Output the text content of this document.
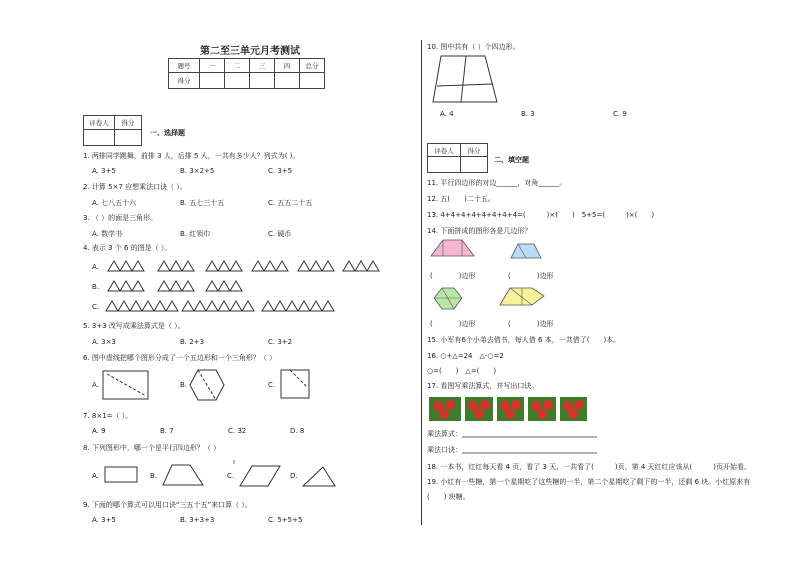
第二至三单元月考测试
题号	一	二	三	四	总分
得分					
评卷人	得分

一、选择题
1. 两排同学跳舞，前排 3 人，后排 5 人，一共有多少人？列式为( )。
A. 3+5	B. 3×2+5	C. 3+5
2. 计算 5×7 应想乘法口诀（ ）。
A. 七八五十六	B. 五七三十五	C. 五五二十五
3. （ ）的面是三角形。
A. 数学书	B. 红领巾	C. 硬币
4. 表示 3 个 6 的图是（ ）。
A.
B.
C.
5. 3+3 改写成乘法算式是（ ）。
A. 3×3	B. 2+3	C. 3+2
6. 图中虚线把哪个图形分成了一个五边形和一个三角形？（ ）
A.	B.	C.
7. 8×1=（ ）。
A. 9	B. 7	C. 32	D. 8
8. 下列图形中，哪一个是平行四边形？（ ）
A.	B.	C.	D.
9. 下面的哪个算式可以用口诀“三五十五”来口算（ ）。
A. 3+5	B. 3+3+3	C. 5+5+5
10. 图中共有（ ）个四边形。
A. 4	B. 3	C. 9
评卷人	得分

二、填空题
11. 平行四边形的对边______，对角______。
12. 五(　　)二十五。
13. 4+4+4+4+4+4+4+4=(　　　)×(　　)　5+5=(　　　)×(　　)
14. 下面拼成的图形各是几边形？
(	)边形	(	)边形
(	)边形	(	)边形
15. 小军有6个小弟去借书，每人借 6 本，一共借了(　　)本。
16. ○+△=24　△-○=2
○=(　　)　△=(　　)
17. 看图写乘法算式，并写出口诀。
乘法算式：
乘法口诀：
18. 一本书，红红每天看 4 页，看了 3 天，一共看了(　　　)页，第 4 天红红应该从(　　　)页开始看。
19. 小红有一些糖，第一个星期吃了这些糖的一半，第二个星期吃了剩下的一半，还剩 6 块。小红原来有
(　　) 块糖。
